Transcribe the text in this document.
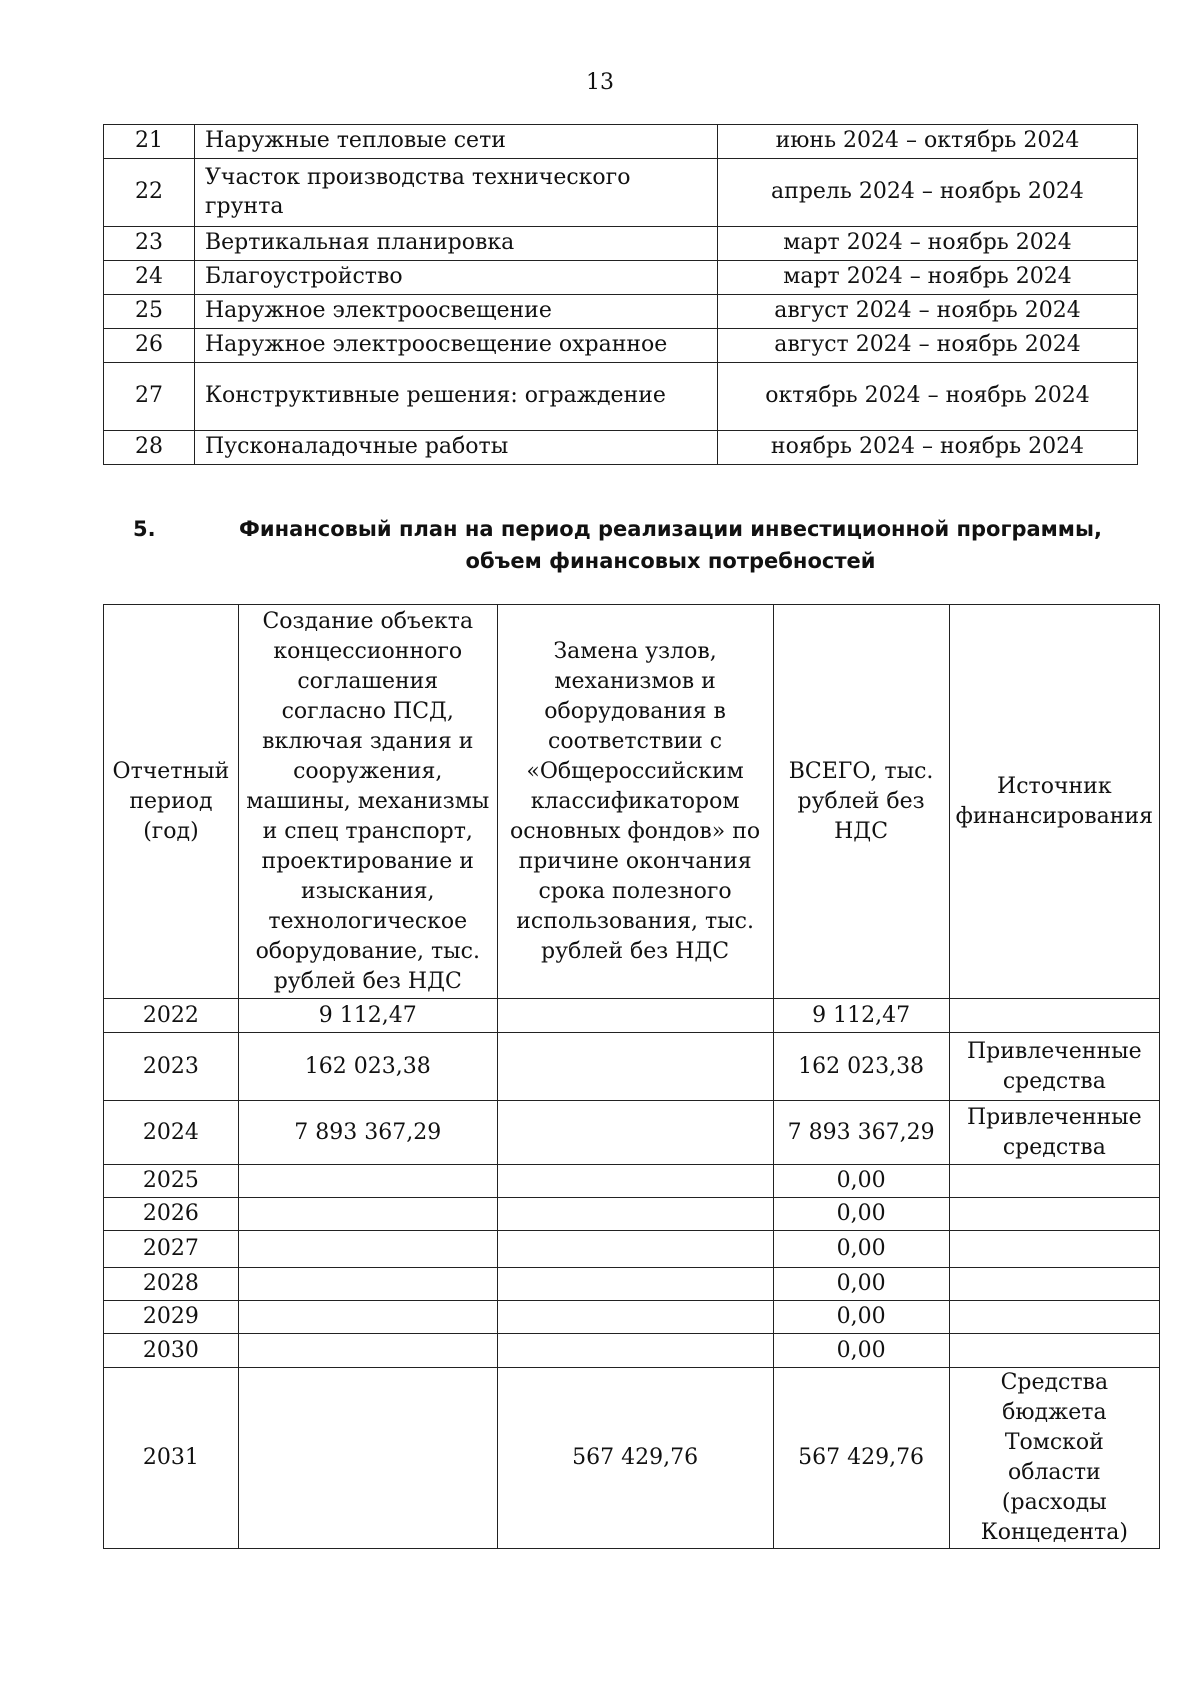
13
21	Наружные тепловые сети	июнь 2024 – октябрь 2024
22	Участок производства технического грунта	апрель 2024 – ноябрь 2024
23	Вертикальная планировка	март 2024 – ноябрь 2024
24	Благоустройство	март 2024 – ноябрь 2024
25	Наружное электроосвещение	август 2024 – ноябрь 2024
26	Наружное электроосвещение охранное	август 2024 – ноябрь 2024
27	Конструктивные решения: ограждение	октябрь 2024 – ноябрь 2024
28	Пусконаладочные работы	ноябрь 2024 – ноябрь 2024
5.	Финансовый план на период реализации инвестиционной программы, объем финансовых потребностей
Отчетный период (год)	Создание объекта концессионного соглашения согласно ПСД, включая здания и сооружения, машины, механизмы и спец транспорт, проектирование и изыскания, технологическое оборудование, тыс. рублей без НДС	Замена узлов, механизмов и оборудования в соответствии с «Общероссийским классификатором основных фондов» по причине окончания срока полезного использования, тыс. рублей без НДС	ВСЕГО, тыс. рублей без НДС	Источник финансирования
2022	9 112,47		9 112,47	
2023	162 023,38		162 023,38	Привлеченные средства
2024	7 893 367,29		7 893 367,29	Привлеченные средства
2025			0,00	
2026			0,00	
2027			0,00	
2028			0,00	
2029			0,00	
2030			0,00	
2031		567 429,76	567 429,76	Средства бюджета Томской области (расходы Концедента)
